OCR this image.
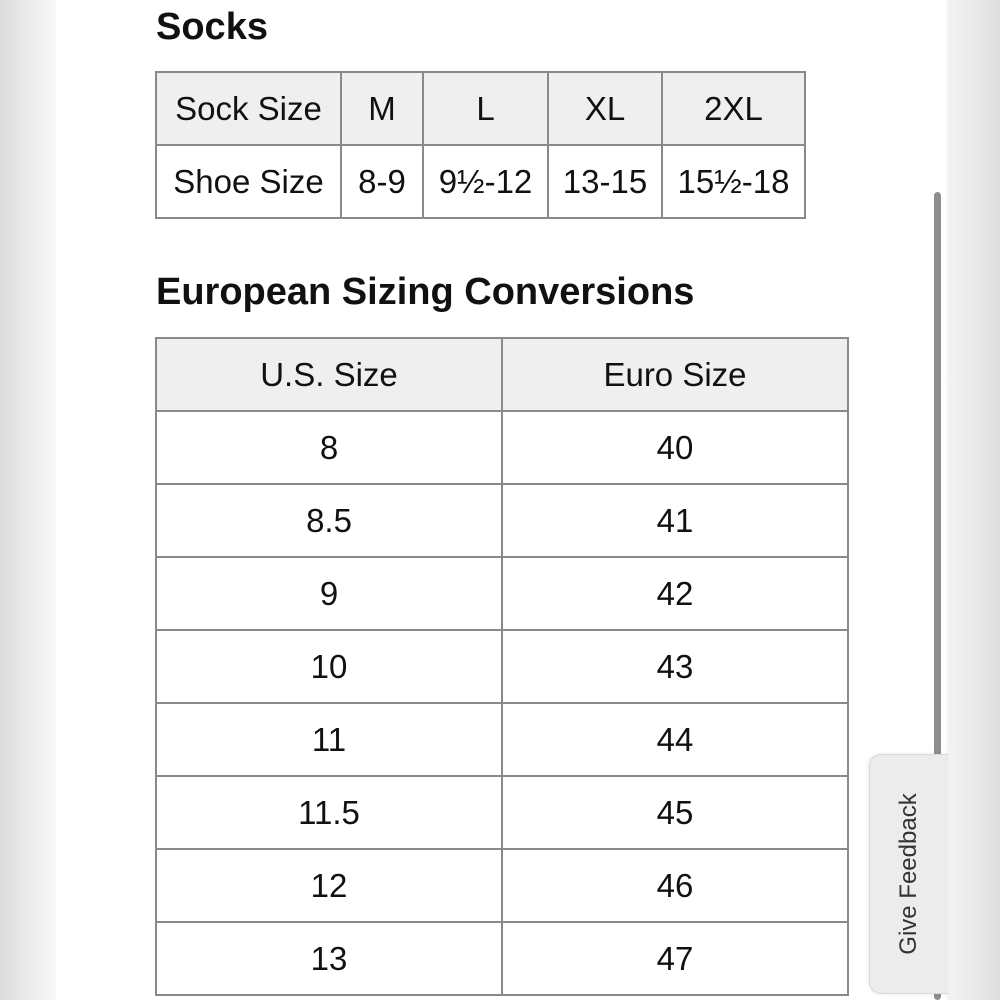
Socks
Sock Size	M	L	XL	2XL
Shoe Size	8-9	9½-12	13-15	15½-18
European Sizing Conversions
U.S. Size	Euro Size
8	40
8.5	41
9	42
10	43
11	44
11.5	45
12	46
13	47
Give Feedback
